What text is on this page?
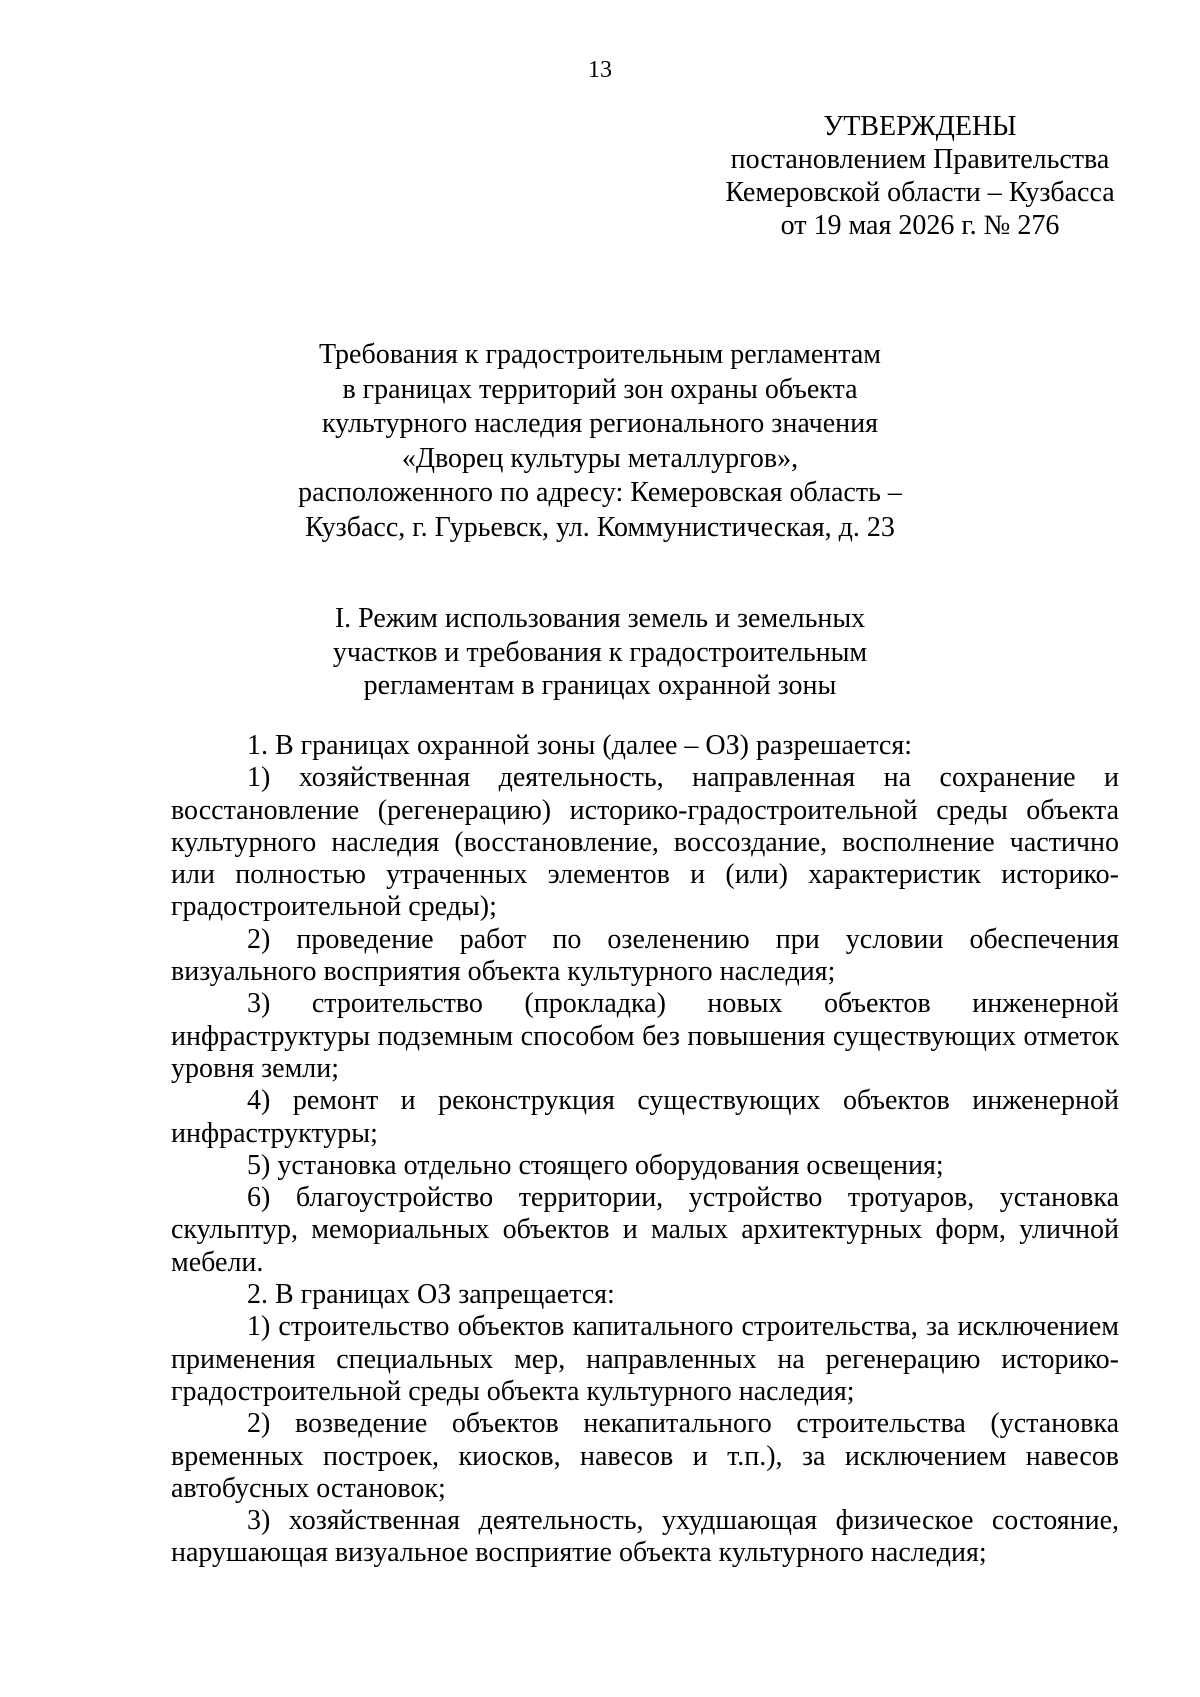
13
УТВЕРЖДЕНЫ
постановлением Правительства
Кемеровской области – Кузбасса
от 19 мая 2026 г. № 276
Требования к градостроительным регламентам
в границах территорий зон охраны объекта
культурного наследия регионального значения
«Дворец культуры металлургов»,
расположенного по адресу: Кемеровская область –
Кузбасс, г. Гурьевск, ул. Коммунистическая, д. 23
I. Режим использования земель и земельных
участков и требования к градостроительным
регламентам в границах охранной зоны

1. В границах охранной зоны (далее – ОЗ) разрешается:

1) хозяйственная деятельность, направленная на сохранение и восстановление (регенерацию) историко-градостроительной среды объекта культурного наследия (восстановление, воссоздание, восполнение частично или полностью утраченных элементов и (или) характеристик историко-градостроительной среды);

2) проведение работ по озеленению при условии обеспечения визуального восприятия объекта культурного наследия;

3) строительство (прокладка) новых объектов инженерной инфраструктуры подземным способом без повышения существующих отметок уровня земли;

4) ремонт и реконструкция существующих объектов инженерной инфраструктуры;

5) установка отдельно стоящего оборудования освещения;

6) благоустройство территории, устройство тротуаров, установка скульптур, мемориальных объектов и малых архитектурных форм, уличной мебели.

2. В границах ОЗ запрещается:

1) строительство объектов капитального строительства, за исключением применения специальных мер, направленных на регенерацию историко-градостроительной среды объекта культурного наследия;

2) возведение объектов некапитального строительства (установка временных построек, киосков, навесов и т.п.), за исключением навесов автобусных остановок;

3) хозяйственная деятельность, ухудшающая физическое состояние, нарушающая визуальное восприятие объекта культурного наследия;
